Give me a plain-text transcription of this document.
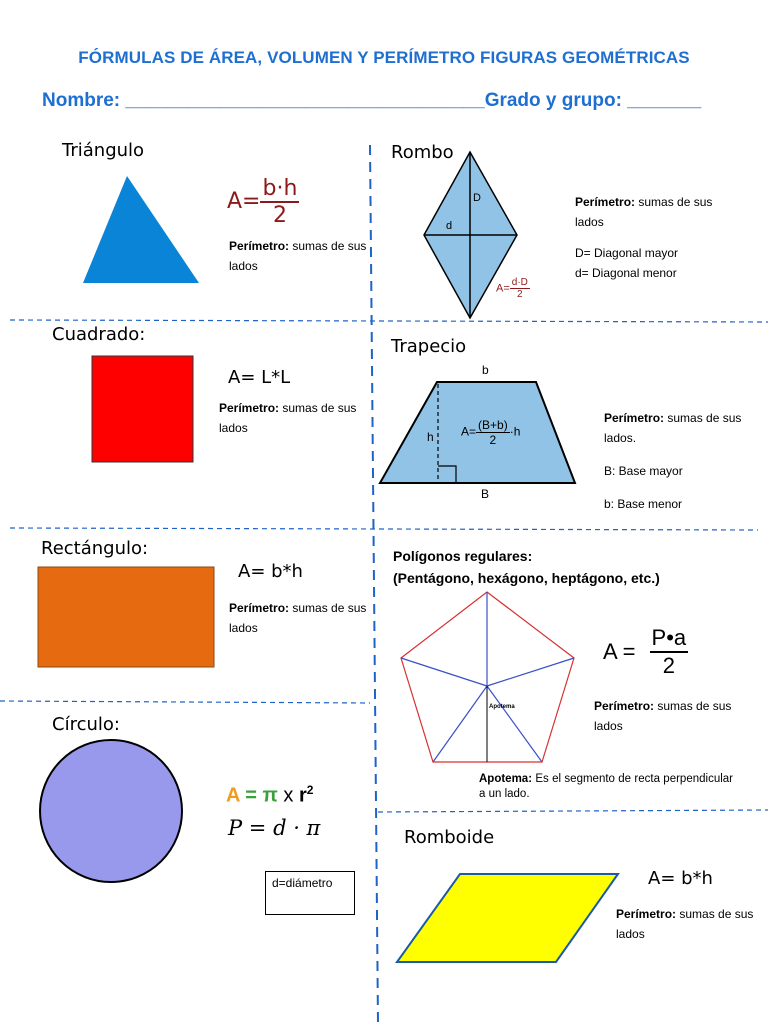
FÓRMULAS DE ÁREA, VOLUMEN Y PERÍMETRO FIGURAS GEOMÉTRICAS
Nombre: __________________________________Grado y grupo: _______
Triángulo
$A= \frac{b\cdot h}{2}$
Perímetro: sumas de sus lados
Rombo
D
d
$A= \frac{d\cdot D}{2}$
Perímetro: sumas de sus lados
D= Diagonal mayor
d= Diagonal menor
Cuadrado:
A= L*L
Perímetro: sumas de sus lados
Trapecio
b
B
h $A= \frac{(B+b)}{2} \cdot h$
Perímetro: sumas de sus lados.
B: Base mayor
b: Base menor
Rectángulo:
A= b*h
Perímetro: sumas de sus lados
Polígonos regulares:
(Pentágono, hexágono, heptágono, etc.)
Apotema
$A = \frac{P•a}{2}$
Perímetro: sumas de sus lados
Apotema: Es el segmento de recta perpendicular a un lado.
Círculo:
A = π x $r^2$
P = d · π
d=diámetro
Romboide
A= b*h
Perímetro: sumas de sus lados
